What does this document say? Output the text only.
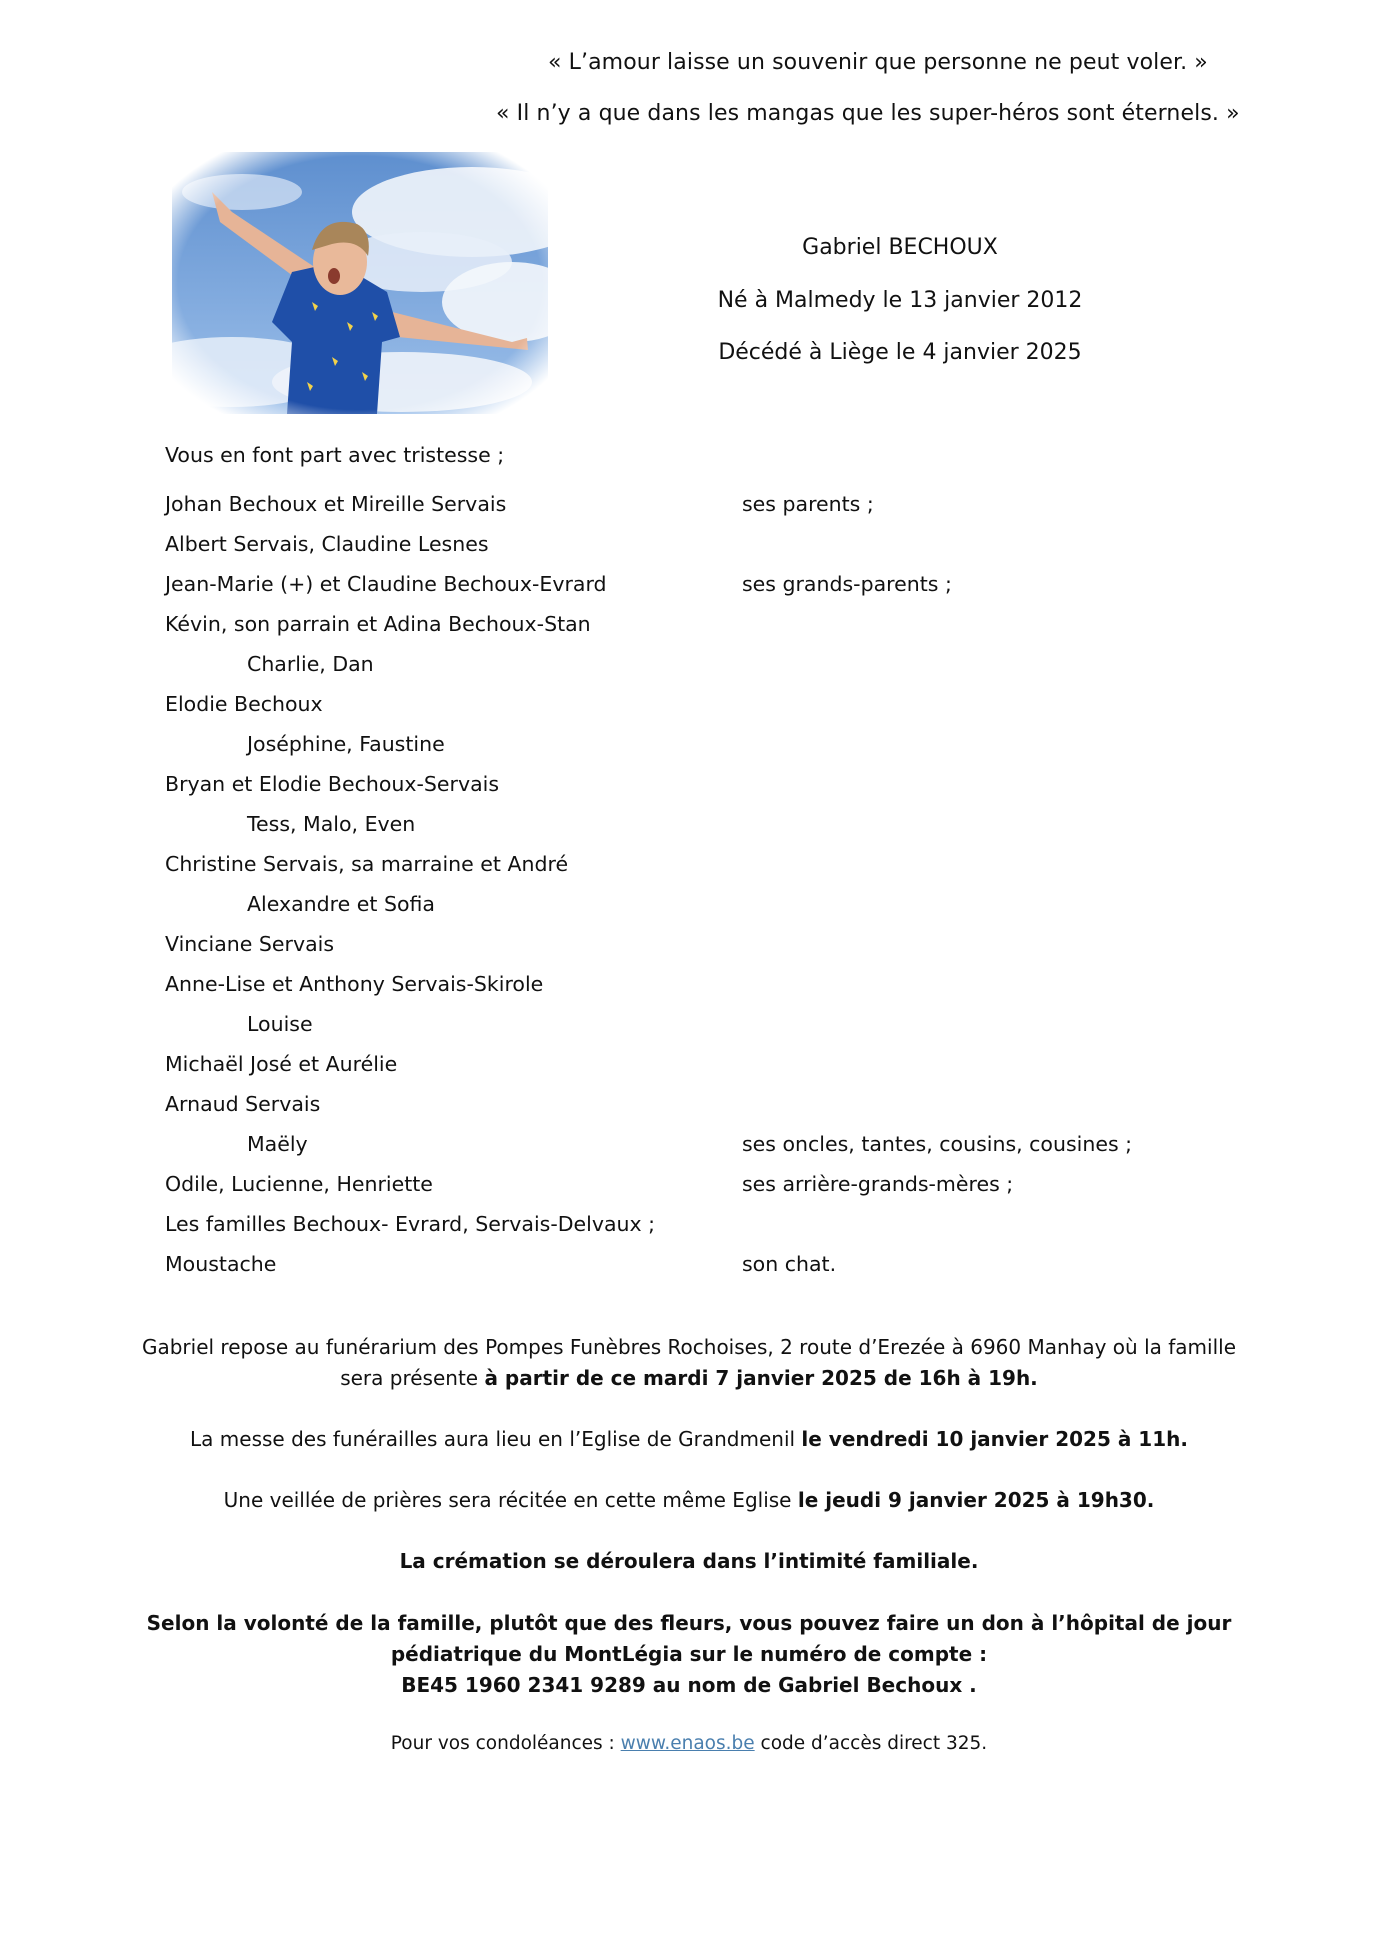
« L’amour laisse un souvenir que personne ne peut voler. »
« Il n’y a que dans les mangas que les super-héros sont éternels. »
Gabriel BECHOUX
Né à Malmedy le 13 janvier 2012
Décédé à Liège le 4 janvier 2025
Vous en font part avec tristesse ;
Johan Bechoux et Mireille Servais	ses parents ;
Albert Servais, Claudine Lesnes
Jean-Marie (+) et Claudine Bechoux-Evrard	ses grands-parents ;
Kévin, son parrain et Adina Bechoux-Stan
Charlie, Dan
Elodie Bechoux
Joséphine, Faustine
Bryan et Elodie Bechoux-Servais
Tess, Malo, Even
Christine Servais, sa marraine et André
Alexandre et Sofia
Vinciane Servais
Anne-Lise et Anthony Servais-Skirole
Louise
Michaël José et Aurélie
Arnaud Servais
Maëly	ses oncles, tantes, cousins, cousines ;
Odile, Lucienne, Henriette	ses arrière-grands-mères ;
Les familles Bechoux- Evrard, Servais-Delvaux ;
Moustache	son chat.
Gabriel repose au funérarium des Pompes Funèbres Rochoises, 2 route d’Erezée à 6960 Manhay où la famille sera présente à partir de ce mardi 7 janvier 2025 de 16h à 19h.
La messe des funérailles aura lieu en l’Eglise de Grandmenil le vendredi 10 janvier 2025 à 11h.
Une veillée de prières sera récitée en cette même Eglise le jeudi 9 janvier 2025 à 19h30.
La crémation se déroulera dans l’intimité familiale.
Selon la volonté de la famille, plutôt que des fleurs, vous pouvez faire un don à l’hôpital de jour
pédiatrique du MontLégia sur le numéro de compte :
BE45 1960 2341 9289 au nom de Gabriel Bechoux .
Pour vos condoléances : www.enaos.be code d’accès direct 325.
